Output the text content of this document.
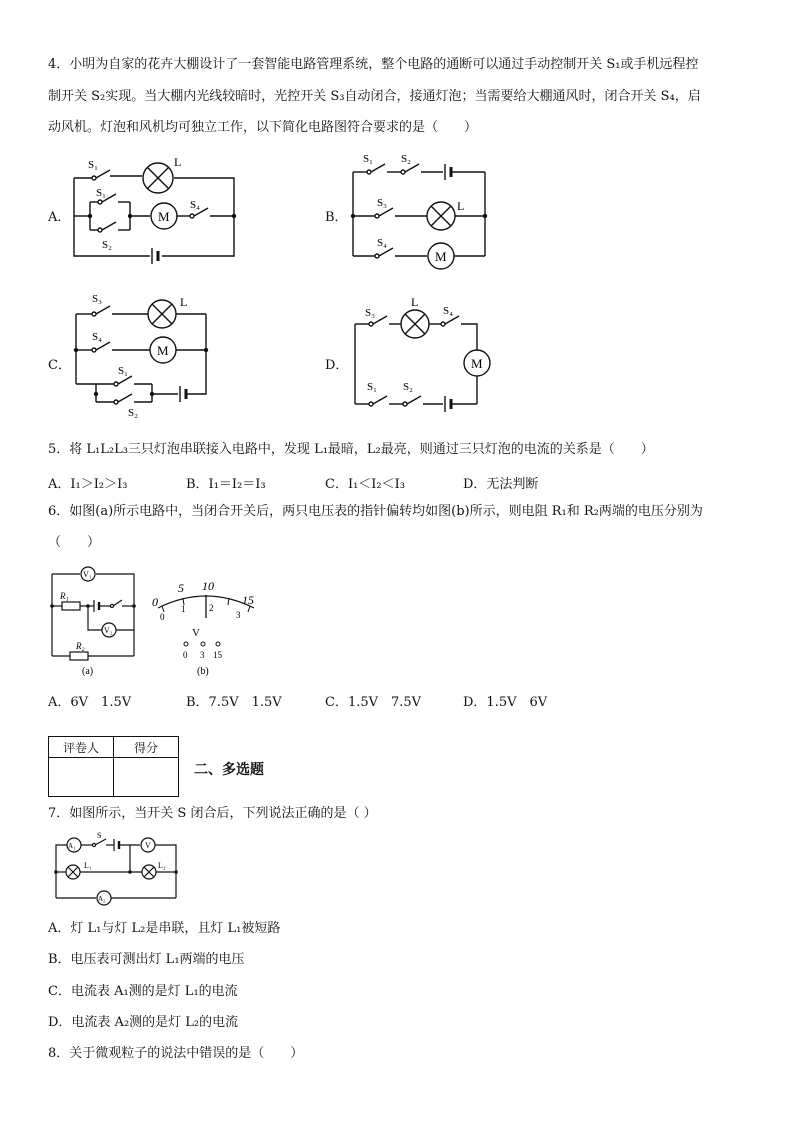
4．小明为自家的花卉大棚设计了一套智能电路管理系统，整个电路的通断可以通过手动控制开关 S₁或手机远程控
制开关 S₂实现。当大棚内光线较暗时，光控开关 S₃自动闭合，接通灯泡；当需要给大棚通风时，闭合开关 S₄，启
动风机。灯泡和风机均可独立工作，以下简化电路图符合要求的是（　　）
A．
S₁	L
S₁
S₂
S₄
M	B．
S₁	S₂
S₃	L
S₄
M
C．
S₃	L
S₄
M
S₁
S₂
D．
S₃
L
S₄
M
S₁ S₂
5．将 L₁L₂L₃三只灯泡串联接入电路中，发现 L₁最暗，L₂最亮，则通过三只灯泡的电流的关系是（　　）
A．I₁＞I₂＞I₃	B．I₁＝I₂＝I₃	C．I₁＜I₂＜I₃	D．无法判断
6．如图(a)所示电路中，当闭合开关后，两只电压表的指针偏转均如图(b)所示，则电阻 R₁和 R₂两端的电压分别为
（　　）
V₁
V₂
R₁
R₂
(a)
0
5 10
15
0
1	2
3
V
0 3 15
(b)
A．6V　1.5V	B．7.5V　1.5V	C．1.5V　7.5V	D．1.5V　6V
评卷人	得分

二、多选题
7．如图所示，当开关 S 闭合后，下列说法正确的是（ ）
A₁
S
V
L₁	L₂
A₂
A．灯 L₁与灯 L₂是串联，且灯 L₁被短路
B．电压表可测出灯 L₁两端的电压
C．电流表 A₁测的是灯 L₁的电流
D．电流表 A₂测的是灯 L₂的电流
8．关于微观粒子的说法中错误的是（　　）
